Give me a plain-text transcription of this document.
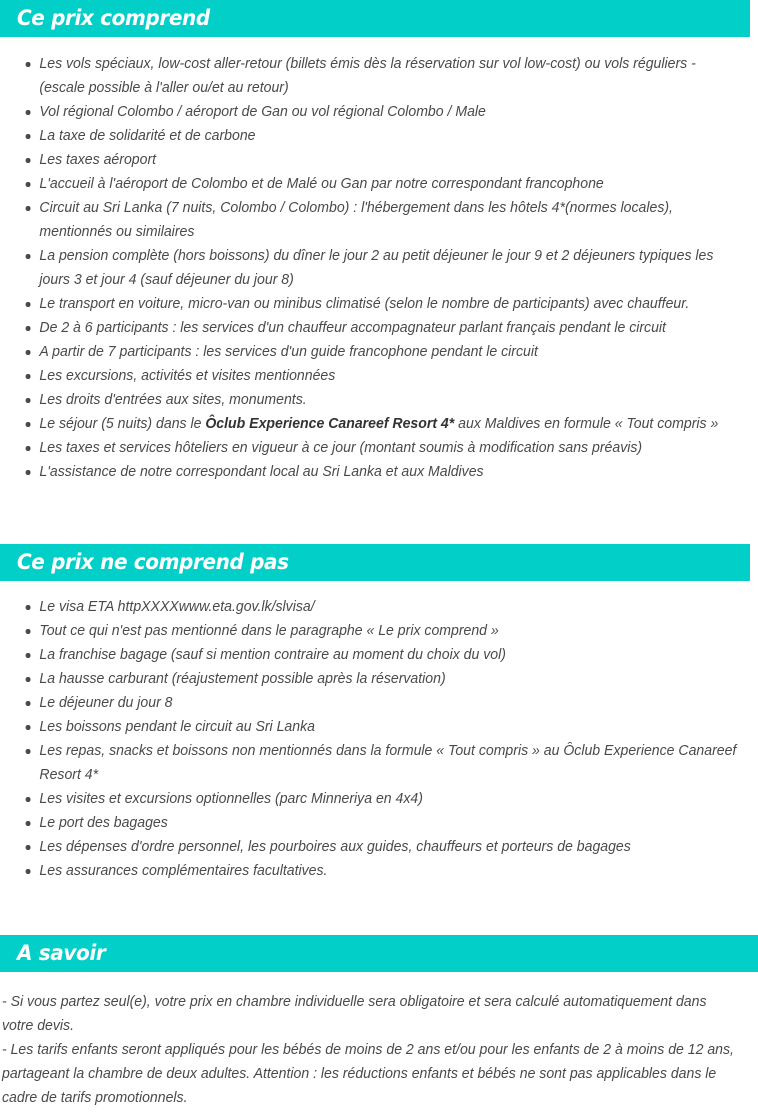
Ce prix comprend
Les vols spéciaux, low-cost aller-retour (billets émis dès la réservation sur vol low-cost) ou vols réguliers - (escale possible à l'aller ou/et au retour)
Vol régional Colombo / aéroport de Gan ou vol régional Colombo / Male
La taxe de solidarité et de carbone
Les taxes aéroport
L'accueil à l'aéroport de Colombo et de Malé ou Gan par notre correspondant francophone
Circuit au Sri Lanka (7 nuits, Colombo / Colombo) : l'hébergement dans les hôtels 4*(normes locales), mentionnés ou similaires
La pension complète (hors boissons) du dîner le jour 2 au petit déjeuner le jour 9 et 2 déjeuners typiques les jours 3 et jour 4 (sauf déjeuner du jour 8)
Le transport en voiture, micro-van ou minibus climatisé (selon le nombre de participants) avec chauffeur.
De 2 à 6 participants : les services d'un chauffeur accompagnateur parlant français pendant le circuit
A partir de 7 participants : les services d'un guide francophone pendant le circuit
Les excursions, activités et visites mentionnées
Les droits d'entrées aux sites, monuments.
Le séjour (5 nuits) dans le Ôclub Experience Canareef Resort 4* aux Maldives en formule « Tout compris »
Les taxes et services hôteliers en vigueur à ce jour (montant soumis à modification sans préavis)
L'assistance de notre correspondant local au Sri Lanka et aux Maldives
Ce prix ne comprend pas
Le visa ETA httpXXXXwww.eta.gov.lk/slvisa/
Tout ce qui n'est pas mentionné dans le paragraphe « Le prix comprend »
La franchise bagage (sauf si mention contraire au moment du choix du vol)
La hausse carburant (réajustement possible après la réservation)
Le déjeuner du jour 8
Les boissons pendant le circuit au Sri Lanka
Les repas, snacks et boissons non mentionnés dans la formule « Tout compris » au Ôclub Experience Canareef Resort 4*
Les visites et excursions optionnelles (parc Minneriya en 4x4)
Le port des bagages
Les dépenses d'ordre personnel, les pourboires aux guides, chauffeurs et porteurs de bagages
Les assurances complémentaires facultatives.
A savoir

- Si vous partez seul(e), votre prix en chambre individuelle sera obligatoire et sera calculé automatiquement dans votre devis.

- Les tarifs enfants seront appliqués pour les bébés de moins de 2 ans et/ou pour les enfants de 2 à moins de 12 ans, partageant la chambre de deux adultes. Attention : les réductions enfants et bébés ne sont pas applicables dans le cadre de tarifs promotionnels.
